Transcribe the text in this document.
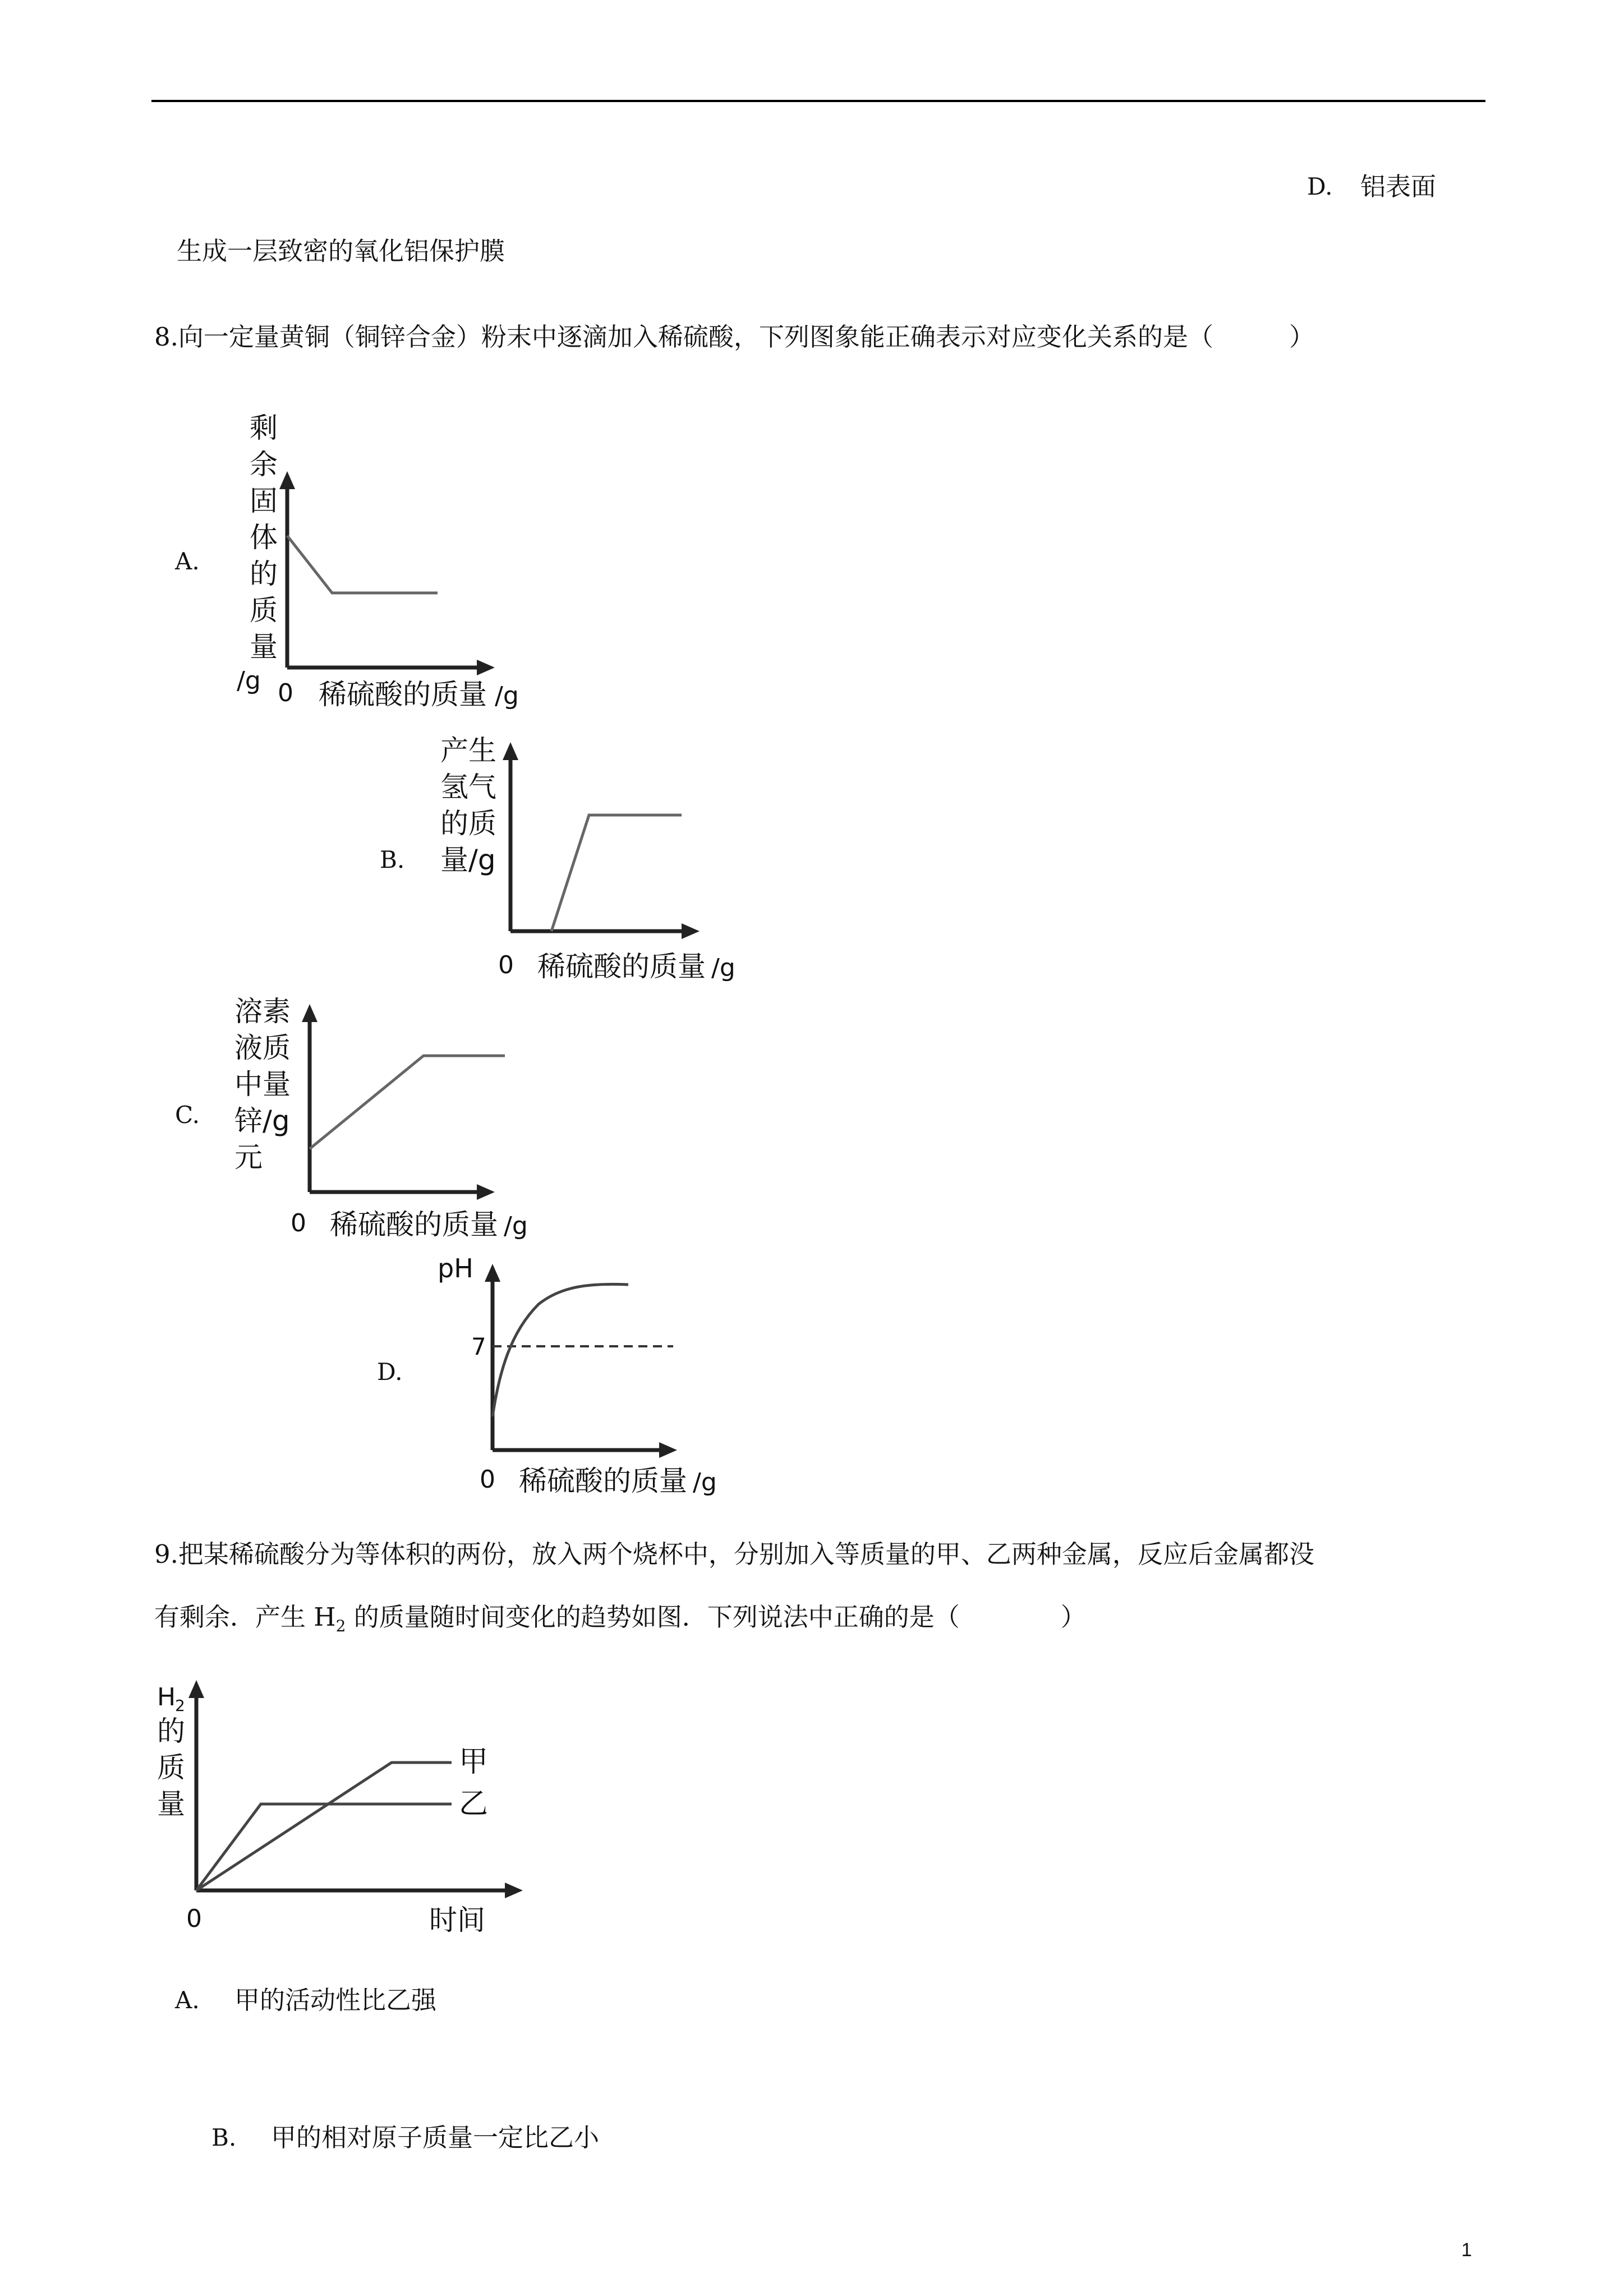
D. 铝表面
生成一层致密的氧化铝保护膜
8.向一定量黄铜（铜锌合金）粉末中逐滴加入稀硫酸，下列图象能正确表示对应变化关系的是（　　　）
A.
剩
余
固
体
的
质
量
/g 0 稀硫酸的质量 /g
B.
产生
氢气
的质
量/g
0 稀硫酸的质量 /g
C.
溶素
液质
中量
锌/g
元
0 稀硫酸的质量 /g
D.
pH
7
0 稀硫酸的质量 /g
9.把某稀硫酸分为等体积的两份，放入两个烧杯中，分别加入等质量的甲、乙两种金属，反应后金属都没
有剩余．产生 $H_2$ 的质量随时间变化的趋势如图．下列说法中正确的是（　　　　）
H
2
的
质
量
甲
乙
0	时间
A. 甲的活动性比乙强
B. 甲的相对原子质量一定比乙小
1
